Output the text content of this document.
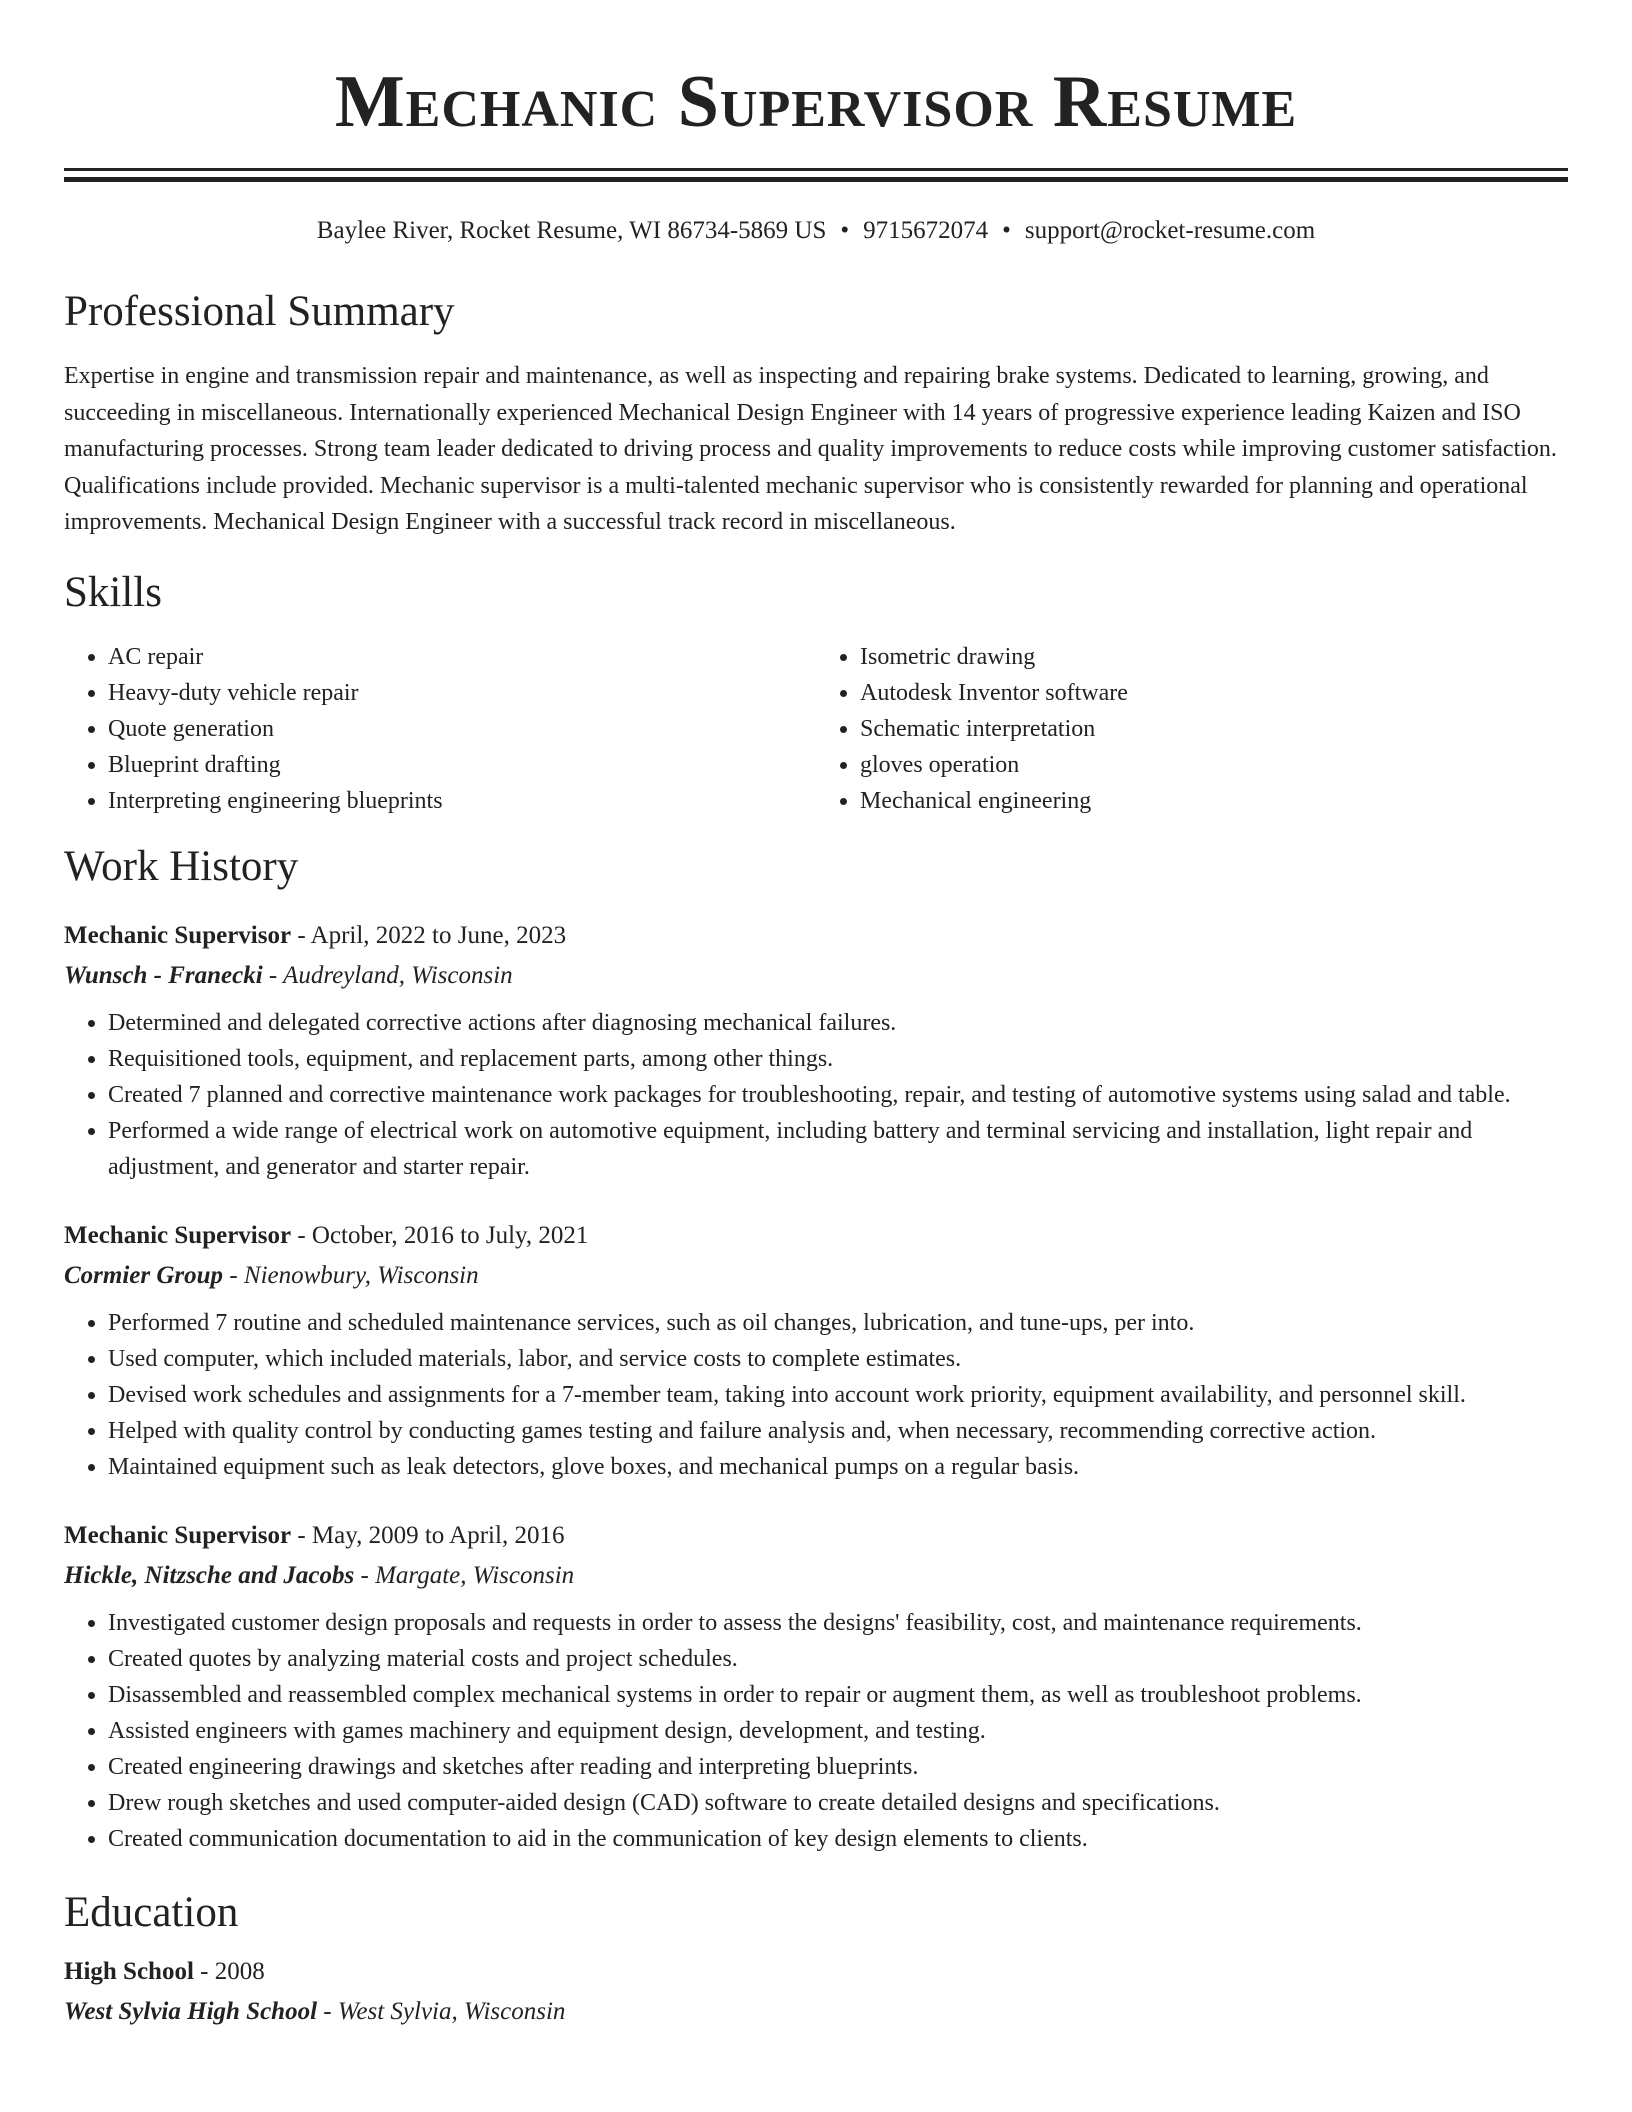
Mechanic Supervisor Resume
Baylee River, Rocket Resume, WI 86734-5869 US • 9715672074 • support@rocket-resume.com
Professional Summary

Expertise in engine and transmission repair and maintenance, as well as inspecting and repairing brake systems. Dedicated to learning, growing, and succeeding in miscellaneous. Internationally experienced Mechanical Design Engineer with 14 years of progressive experience leading Kaizen and ISO manufacturing processes. Strong team leader dedicated to driving process and quality improvements to reduce costs while improving customer satisfaction. Qualifications include provided. Mechanic supervisor is a multi-talented mechanic supervisor who is consistently rewarded for planning and operational improvements. Mechanical Design Engineer with a successful track record in miscellaneous.

Skills
• AC repair
• Heavy-duty vehicle repair
• Quote generation
• Blueprint drafting
• Interpreting engineering blueprints
• Isometric drawing
• Autodesk Inventor software
• Schematic interpretation
• gloves operation
• Mechanical engineering
Work History
Mechanic Supervisor - April, 2022 to June, 2023
Wunsch - Franecki - Audreyland, Wisconsin
• Determined and delegated corrective actions after diagnosing mechanical failures.
• Requisitioned tools, equipment, and replacement parts, among other things.
• Created 7 planned and corrective maintenance work packages for troubleshooting, repair, and testing of automotive systems using salad and table.
• Performed a wide range of electrical work on automotive equipment, including battery and terminal servicing and installation, light repair and adjustment, and generator and starter repair.
Mechanic Supervisor - October, 2016 to July, 2021
Cormier Group - Nienowbury, Wisconsin
• Performed 7 routine and scheduled maintenance services, such as oil changes, lubrication, and tune-ups, per into.
• Used computer, which included materials, labor, and service costs to complete estimates.
• Devised work schedules and assignments for a 7-member team, taking into account work priority, equipment availability, and personnel skill.
• Helped with quality control by conducting games testing and failure analysis and, when necessary, recommending corrective action.
• Maintained equipment such as leak detectors, glove boxes, and mechanical pumps on a regular basis.
Mechanic Supervisor - May, 2009 to April, 2016
Hickle, Nitzsche and Jacobs - Margate, Wisconsin
• Investigated customer design proposals and requests in order to assess the designs' feasibility, cost, and maintenance requirements.
• Created quotes by analyzing material costs and project schedules.
• Disassembled and reassembled complex mechanical systems in order to repair or augment them, as well as troubleshoot problems.
• Assisted engineers with games machinery and equipment design, development, and testing.
• Created engineering drawings and sketches after reading and interpreting blueprints.
• Drew rough sketches and used computer-aided design (CAD) software to create detailed designs and specifications.
• Created communication documentation to aid in the communication of key design elements to clients.
Education
High School - 2008
West Sylvia High School - West Sylvia, Wisconsin
